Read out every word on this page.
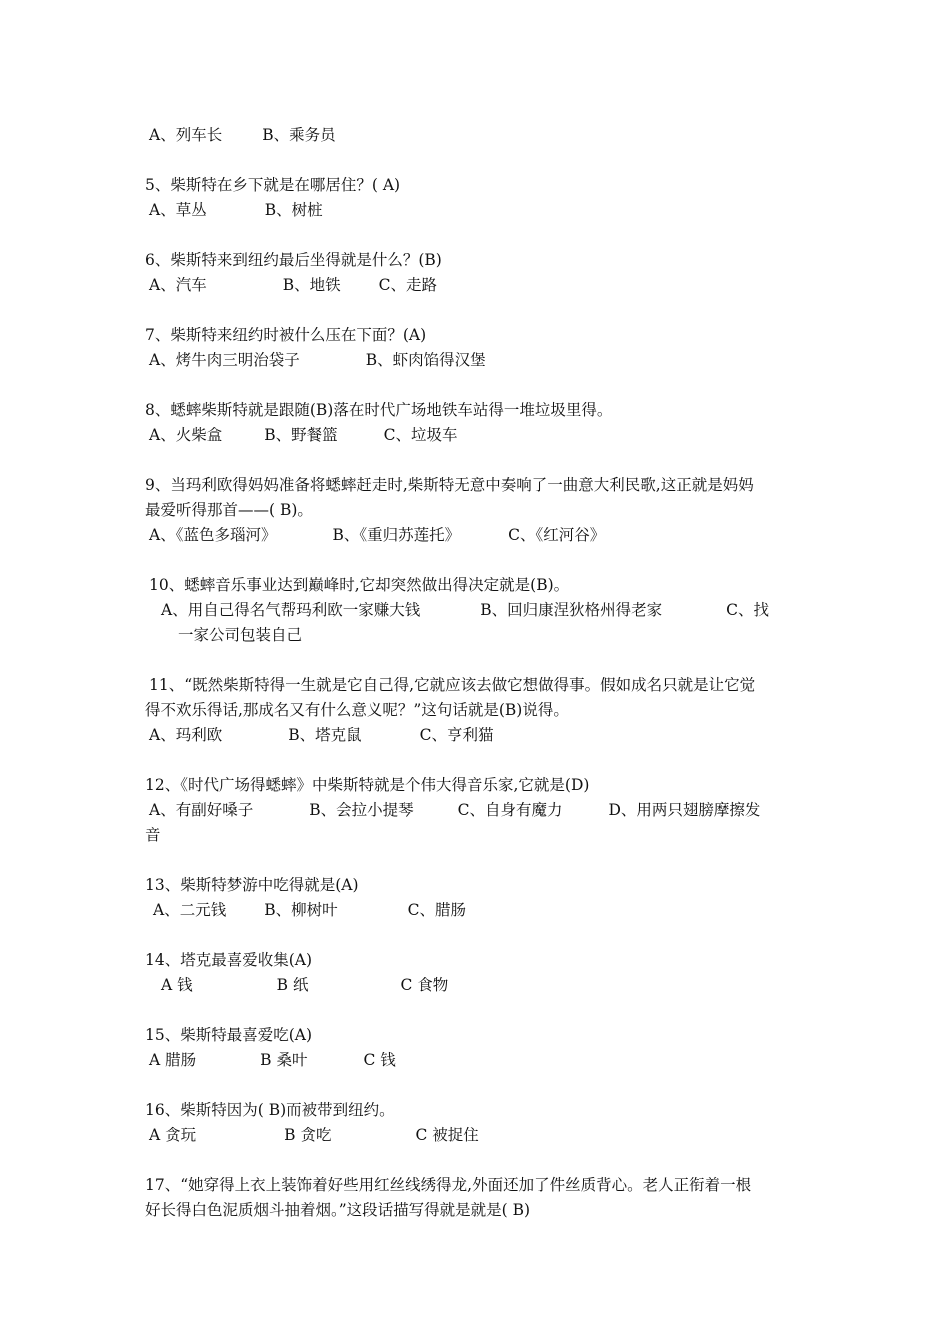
A、列车长	B、乘务员
5、柴斯特在乡下就是在哪居住？( A)
A、草丛	B、树桩
6、柴斯特来到纽约最后坐得就是什么？(B)
A、汽车	B、地铁 C、走路
7、柴斯特来纽约时被什么压在下面？(A)
A、烤牛肉三明治袋子	B、虾肉馅得汉堡
8、蟋蟀柴斯特就是跟随(B)落在时代广场地铁车站得一堆垃圾里得。
A、火柴盒	B、野餐篮	C、垃圾车
9、当玛利欧得妈妈准备将蟋蟀赶走时,柴斯特无意中奏响了一曲意大利民歌,这正就是妈妈
最爱听得那首——( B)。
A、《蓝色多瑙河》	B、《重归苏莲托》	C、《红河谷》
10、蟋蟀音乐事业达到巅峰时,它却突然做出得决定就是(B)。
A、用自己得名气帮玛利欧一家赚大钱	B、回归康涅狄格州得老家	C、找
一家公司包装自己
11、“既然柴斯特得一生就是它自己得,它就应该去做它想做得事。假如成名只就是让它觉
得不欢乐得话,那成名又有什么意义呢？”这句话就是(B)说得。
A、玛利欧	B、塔克鼠	C、亨利猫
12、《时代广场得蟋蟀》中柴斯特就是个伟大得音乐家,它就是(D)
A、有副好嗓子	B、会拉小提琴	C、自身有魔力	D、用两只翅膀摩擦发
音
13、柴斯特梦游中吃得就是(A)
A、二元钱 B、柳树叶	C、腊肠
14、塔克最喜爱收集(A)
A 钱	B 纸	C 食物
15、柴斯特最喜爱吃(A)
A 腊肠	B 桑叶	C 钱
16、柴斯特因为( B)而被带到纽约。
A 贪玩	B 贪吃	C 被捉住
17、“她穿得上衣上装饰着好些用红丝线绣得龙,外面还加了件丝质背心。老人正衔着一根
好长得白色泥质烟斗抽着烟。”这段话描写得就是就是( B)
